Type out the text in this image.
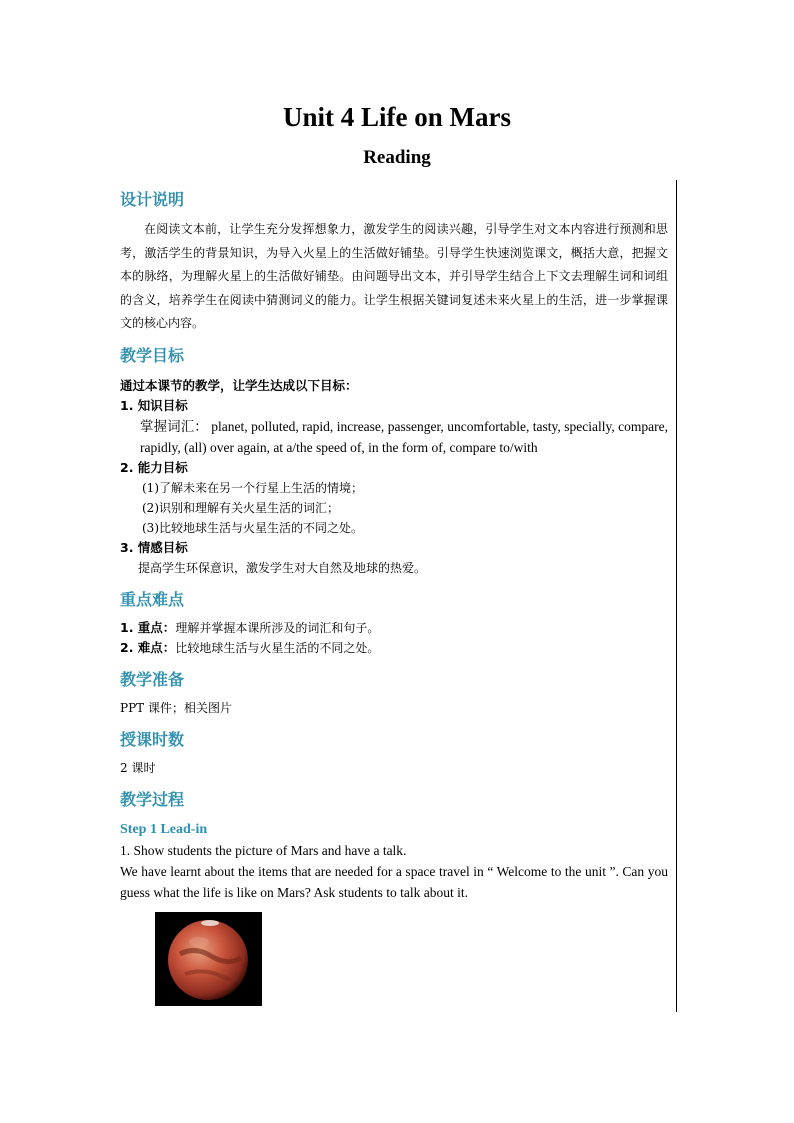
Unit 4 Life on Mars
Reading
设计说明

在阅读文本前，让学生充分发挥想象力，激发学生的阅读兴趣，引导学生对文本内容进行预测和思考，激活学生的背景知识，为导入火星上的生活做好铺垫。引导学生快速浏览课文，概括大意，把握文本的脉络，为理解火星上的生活做好铺垫。由问题导出文本，并引导学生结合上下文去理解生词和词组的含义，培养学生在阅读中猜测词义的能力。让学生根据关键词复述未来火星上的生活，进一步掌握课文的核心内容。

教学目标
通过本课节的教学，让学生达成以下目标：
1. 知识目标
掌握词汇： planet, polluted, rapid, increase, passenger, uncomfortable, tasty, specially, compare, rapidly, (all) over again, at a/the speed of, in the form of, compare to/with
2. 能力目标
(1)了解未来在另一个行星上生活的情境；
(2)识别和理解有关火星生活的词汇；
(3)比较地球生活与火星生活的不同之处。
3. 情感目标
提高学生环保意识，激发学生对大自然及地球的热爱。
重点难点
1. 重点：理解并掌握本课所涉及的词汇和句子。
2. 难点：比较地球生活与火星生活的不同之处。
教学准备
PPT 课件；相关图片
授课时数
2 课时
教学过程
Step 1 Lead-in
1. Show students the picture of Mars and have a talk.
We have learnt about the items that are needed for a space travel in “ Welcome to the unit ”. Can you guess what the life is like on Mars? Ask students to talk about it.
